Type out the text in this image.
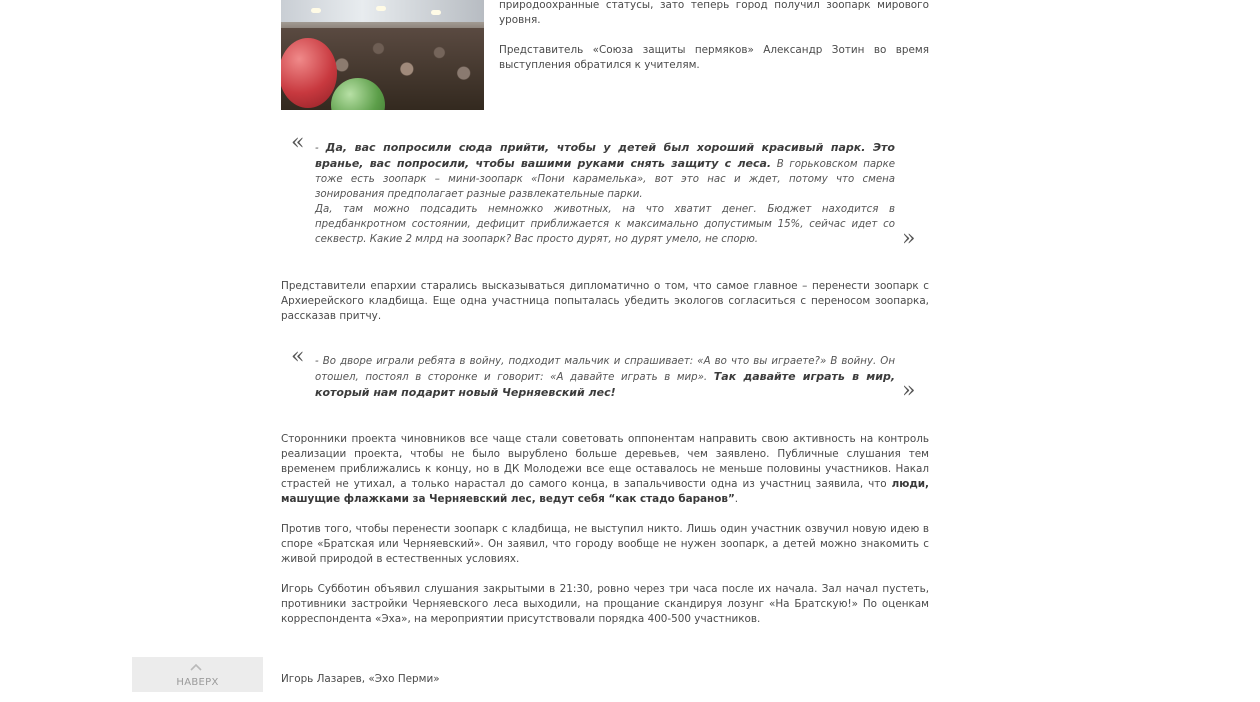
природоохранные статусы, зато теперь город получил зоопарк мирового уровня.

Представитель «Союза защиты пермяков» Александр Зотин во время выступления обратился к учителям.

« - Да, вас попросили сюда прийти, чтобы у детей был хороший красивый парк. Это вранье, вас попросили, чтобы вашими руками снять защиту с леса. В горьковском парке тоже есть зоопарк – мини-зоопарк «Пони карамелька», вот это нас и ждет, потому что смена зонирования предполагает разные развлекательные парки.

Да, там можно подсадить немножко животных, на что хватит денег. Бюджет находится в предбанкротном состоянии, дефицит приближается к максимально допустимым 15%, сейчас идет со секвестр. Какие 2 млрд на зоопарк? Вас просто дурят, но дурят умело, не спорю.	»

Представители епархии старались высказываться дипломатично о том, что самое главное – перенести зоопарк с Архиерейского кладбища. Еще одна участница попыталась убедить экологов согласиться с переносом зоопарка, рассказав притчу.

« - Во дворе играли ребята в войну, подходит мальчик и спрашивает: «А во что вы играете?» В войну. Он отошел, постоял в сторонке и говорит: «А давайте играть в мир». Так давайте играть в мир, который нам подарит новый Черняевский лес!	»

Сторонники проекта чиновников все чаще стали советовать оппонентам направить свою активность на контроль реализации проекта, чтобы не было вырублено больше деревьев, чем заявлено. Публичные слушания тем временем приближались к концу, но в ДК Молодежи все еще оставалось не меньше половины участников. Накал страстей не утихал, а только нарастал до самого конца, в запальчивости одна из участниц заявила, что люди, машущие флажками за Черняевский лес, ведут себя “как стадо баранов”.

Против того, чтобы перенести зоопарк с кладбища, не выступил никто. Лишь один участник озвучил новую идею в споре «Братская или Черняевский». Он заявил, что городу вообще не нужен зоопарк, а детей можно знакомить с живой природой в естественных условиях.

Игорь Субботин объявил слушания закрытыми в 21:30, ровно через три часа после их начала. Зал начал пустеть, противники застройки Черняевского леса выходили, на прощание скандируя лозунг «На Братскую!» По оценкам корреспондента «Эха», на мероприятии присутствовали порядка 400-500 участников.

Игорь Лазарев, «Эхо Перми»

НАВЕРХ
